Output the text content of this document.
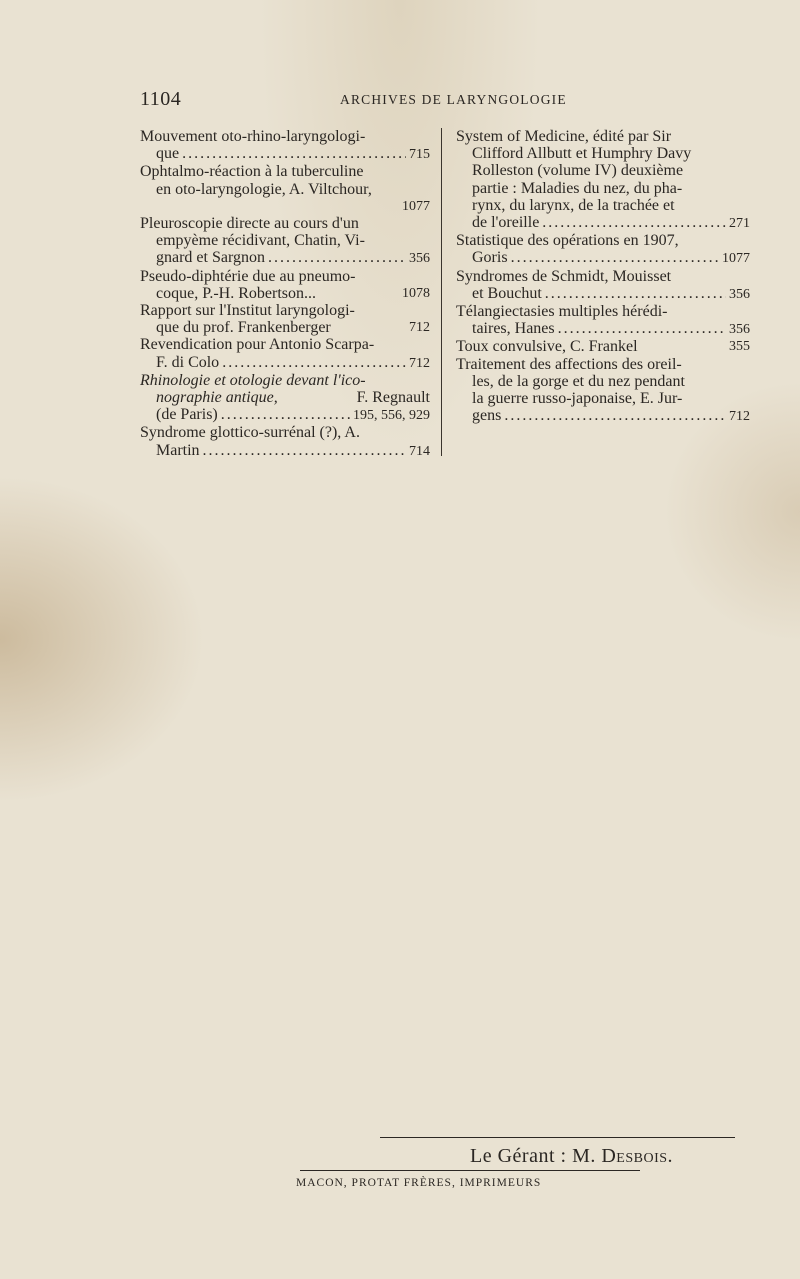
1104	ARCHIVES DE LARYNGOLOGIE
Mouvement oto-rhino-laryngologi-
que .....	715
Ophtalmo-réaction à la tuberculine
en oto-laryngologie, A. Viltchour,
1077
Pleuroscopie directe au cours d'un
empyème récidivant, Chatin, Vi-
gnard et Sargnon .....	356
Pseudo-diphtérie due au pneumo-
coque, P.-H. Robertson...	1078
Rapport sur l'Institut laryngologi-
que du prof. Frankenberger	712
Revendication pour Antonio Scarpa-
F. di Colo .....	712
Rhinologie et otologie devant l'ico-
nographie antique,	F. Regnault
(de Paris) .....	195, 556, 929
Syndrome glottico-surrénal (?), A.
Martin .....	714
System of Medicine, édité par Sir
Clifford Allbutt et Humphry Davy
Rolleston (volume IV) deuxième
partie : Maladies du nez, du pha-
rynx, du larynx, de la trachée et
de l'oreille .....	271
Statistique des opérations en 1907,
Goris .....	1077
Syndromes de Schmidt, Mouisset
et Bouchut .....	356
Télangiectasies multiples hérédi-
taires, Hanes .....	356
Toux convulsive, C. Frankel	355
Traitement des affections des oreil-
les, de la gorge et du nez pendant
la guerre russo-japonaise, E. Jur-
gens .....	712
Le Gérant : M. Desbois.
MACON, PROTAT FRÈRES, IMPRIMEURS
